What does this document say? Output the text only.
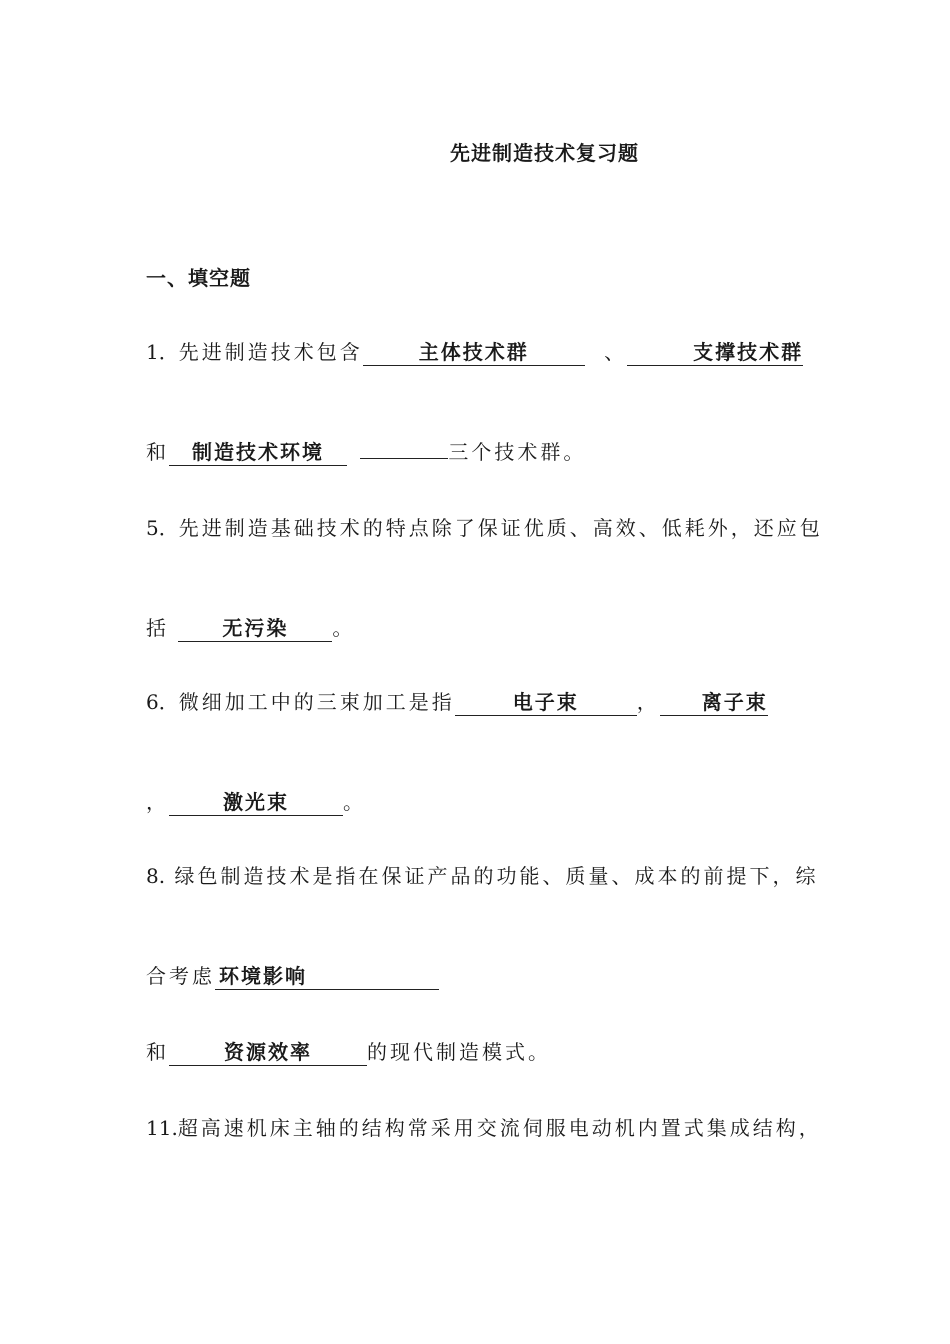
先进制造技术复习题
一、填空题
1．先进制造技术包含	主体技术群	、	支撑技术群
和 制造技术环境	三个技术群。
5．先进制造基础技术的特点除了保证优质、高效、低耗外，还应包
括	无污染 。
6．微细加工中的三束加工是指	电子束	， 离子束
，	激光束	。
8. 绿色制造技术是指在保证产品的功能、质量、成本的前提下，综
合考虑 环境影响
和	资源效率	的现代制造模式。
11.超高速机床主轴的结构常采用交流伺服电动机内置式集成结构，
